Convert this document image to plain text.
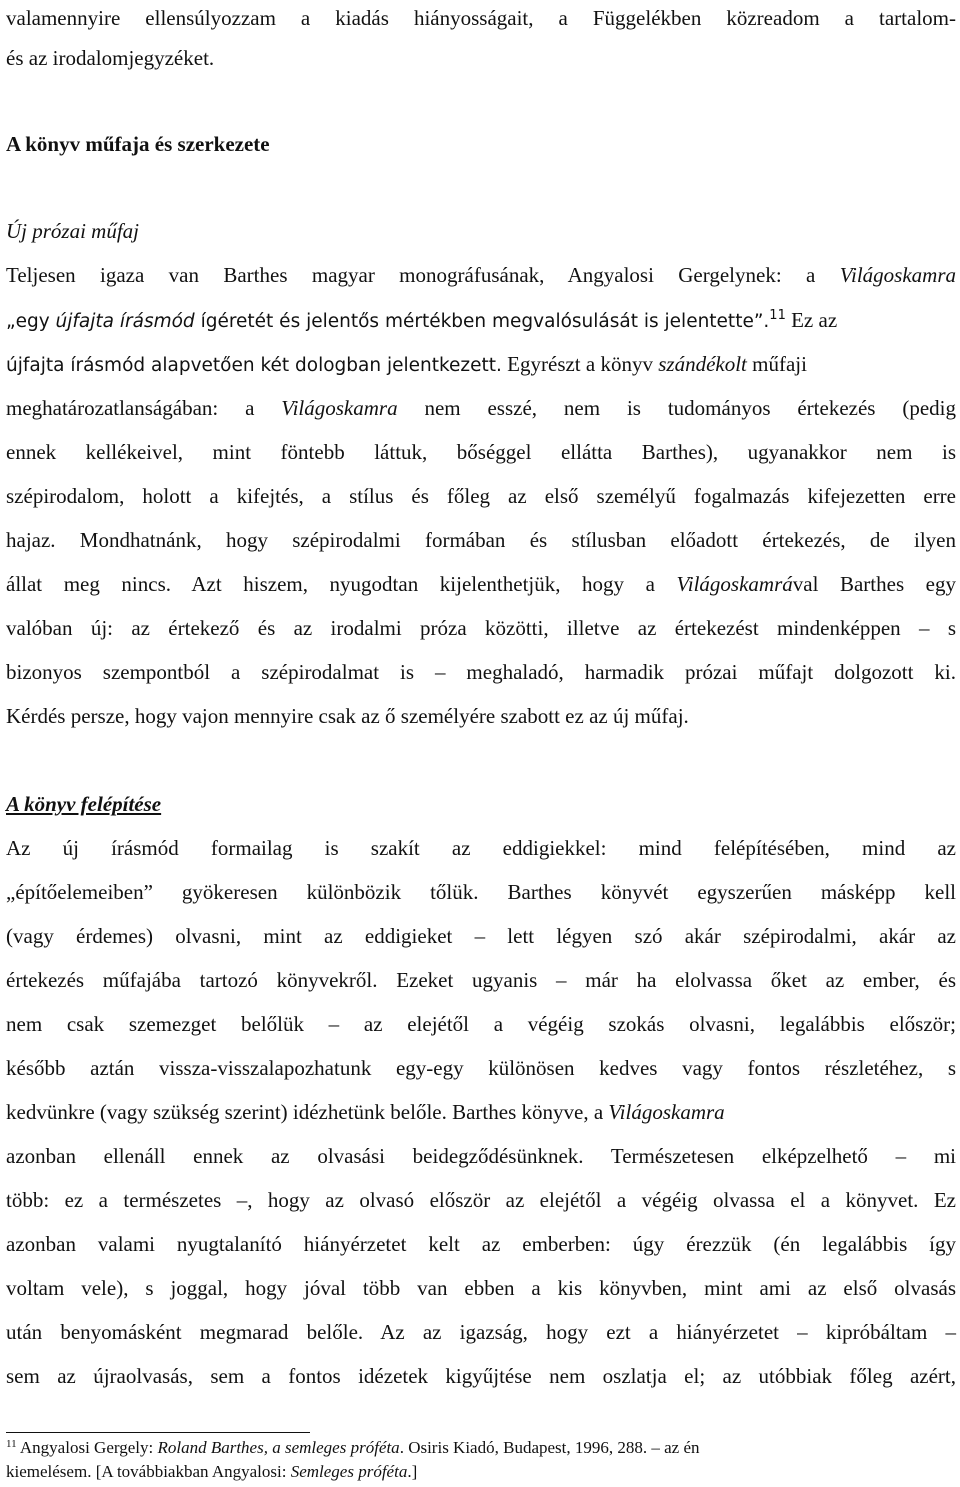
valamennyire ellensúlyozzam a kiadás hiányosságait, a Függelékben közreadom a tartalom-
és az irodalomjegyzéket.
A könyv műfaja és szerkezete
Új prózai műfaj
Teljesen igaza van Barthes magyar monográfusának, Angyalosi Gergelynek: a Világoskamra
„egy újfajta írásmód ígéretét és jelentős mértékben megvalósulását is jelentette”.$^{11}$ Ez az
újfajta írásmód alapvetően két dologban jelentkezett. Egyrészt a könyv szándékolt műfaji
meghatározatlanságában: a Világoskamra nem esszé, nem is tudományos értekezés (pedig
ennek kellékeivel, mint föntebb láttuk, bőséggel ellátta Barthes), ugyanakkor nem is
szépirodalom, holott a kifejtés, a stílus és főleg az első személyű fogalmazás kifejezetten erre
hajaz. Mondhatnánk, hogy szépirodalmi formában és stílusban előadott értekezés, de ilyen
állat meg nincs. Azt hiszem, nyugodtan kijelenthetjük, hogy a Világoskamrával Barthes egy
valóban új: az értekező és az irodalmi próza közötti, illetve az értekezést mindenképpen – s
bizonyos szempontból a szépirodalmat is – meghaladó, harmadik prózai műfajt dolgozott ki.
Kérdés persze, hogy vajon mennyire csak az ő személyére szabott ez az új műfaj.
A könyv felépítése
Az új írásmód formailag is szakít az eddigiekkel: mind felépítésében, mind az
„építőelemeiben” gyökeresen különbözik tőlük. Barthes könyvét egyszerűen másképp kell
(vagy érdemes) olvasni, mint az eddigieket – lett légyen szó akár szépirodalmi, akár az
értekezés műfajába tartozó könyvekről. Ezeket ugyanis – már ha elolvassa őket az ember, és
nem csak szemezget belőlük – az elejétől a végéig szokás olvasni, legalábbis először;
később aztán vissza-visszalapozhatunk egy-egy különösen kedves vagy fontos részletéhez, s
kedvünkre (vagy szükség szerint) idézhetünk belőle. Barthes könyve, a Világoskamra
azonban ellenáll ennek az olvasási beidegződésünknek. Természetesen elképzelhető – mi
több: ez a természetes –, hogy az olvasó először az elejétől a végéig olvassa el a könyvet. Ez
azonban valami nyugtalanító hiányérzetet kelt az emberben: úgy érezzük (én legalábbis így
voltam vele), s joggal, hogy jóval több van ebben a kis könyvben, mint ami az első olvasás
után benyomásként megmarad belőle. Az az igazság, hogy ezt a hiányérzetet – kipróbáltam –
sem az újraolvasás, sem a fontos idézetek kigyűjtése nem oszlatja el; az utóbbiak főleg azért,
$^{11}$ Angyalosi Gergely: Roland Barthes, a semleges próféta. Osiris Kiadó, Budapest, 1996, 288. – az én
kiemelésem. [A továbbiakban Angyalosi: Semleges próféta.]
